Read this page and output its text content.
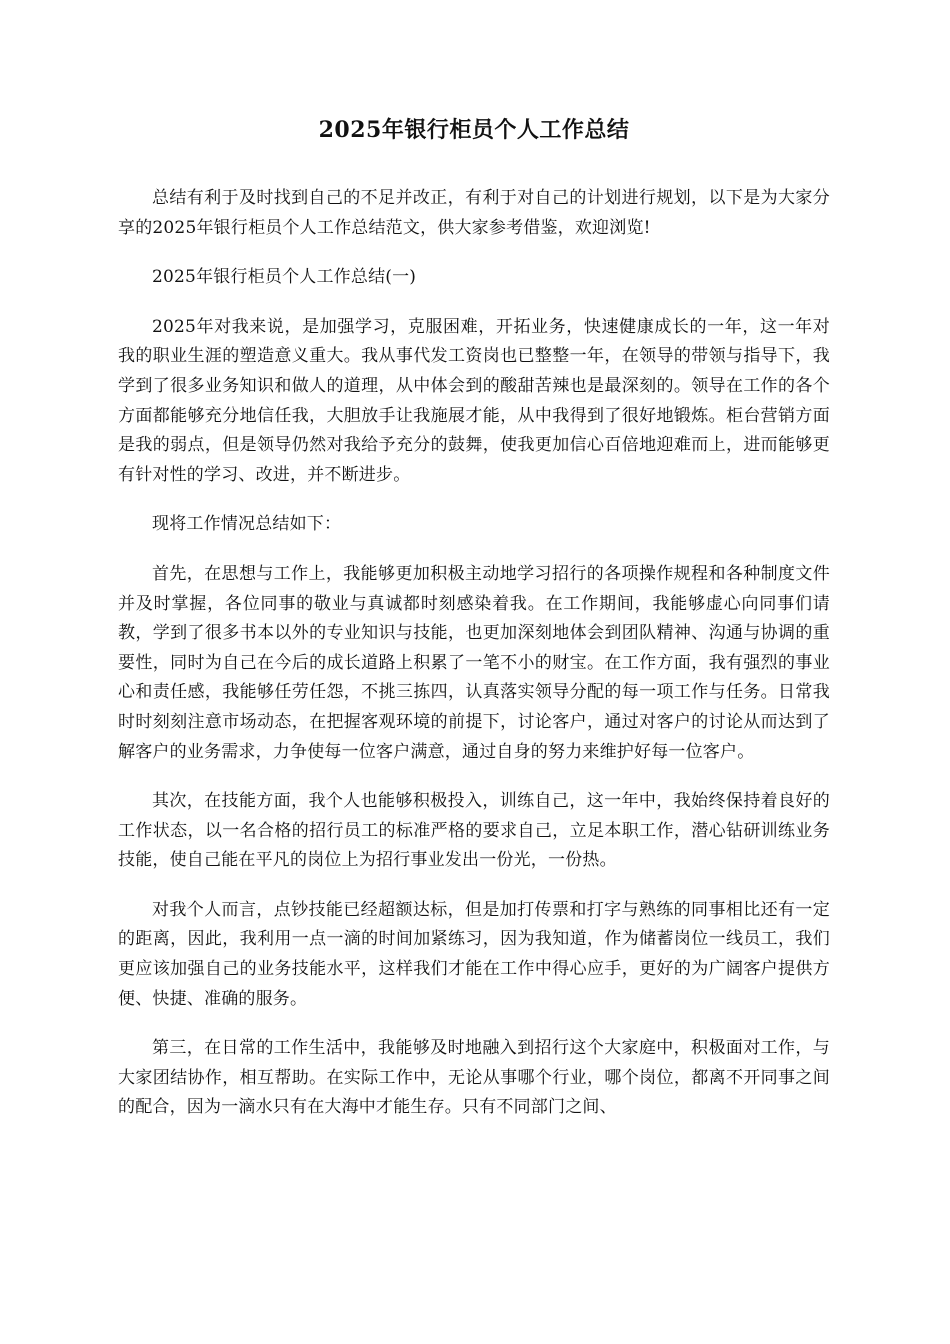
2025年银行柜员个人工作总结

总结有利于及时找到自己的不足并改正，有利于对自己的计划进行规划，以下是为大家分享的2025年银行柜员个人工作总结范文，供大家参考借鉴，欢迎浏览!

2025年银行柜员个人工作总结(一)

2025年对我来说，是加强学习，克服困难，开拓业务，快速健康成长的一年，这一年对我的职业生涯的塑造意义重大。我从事代发工资岗也已整整一年，在领导的带领与指导下，我学到了很多业务知识和做人的道理，从中体会到的酸甜苦辣也是最深刻的。领导在工作的各个方面都能够充分地信任我，大胆放手让我施展才能，从中我得到了很好地锻炼。柜台营销方面是我的弱点，但是领导仍然对我给予充分的鼓舞，使我更加信心百倍地迎难而上，进而能够更有针对性的学习、改进，并不断进步。

现将工作情况总结如下：

首先，在思想与工作上，我能够更加积极主动地学习招行的各项操作规程和各种制度文件并及时掌握，各位同事的敬业与真诚都时刻感染着我。在工作期间，我能够虚心向同事们请教，学到了很多书本以外的专业知识与技能，也更加深刻地体会到团队精神、沟通与协调的重要性，同时为自己在今后的成长道路上积累了一笔不小的财宝。在工作方面，我有强烈的事业心和责任感，我能够任劳任怨，不挑三拣四，认真落实领导分配的每一项工作与任务。日常我时时刻刻注意市场动态，在把握客观环境的前提下，讨论客户，通过对客户的讨论从而达到了解客户的业务需求，力争使每一位客户满意，通过自身的努力来维护好每一位客户。

其次，在技能方面，我个人也能够积极投入，训练自己，这一年中，我始终保持着良好的工作状态，以一名合格的招行员工的标准严格的要求自己，立足本职工作，潜心钻研训练业务技能，使自己能在平凡的岗位上为招行事业发出一份光，一份热。

对我个人而言，点钞技能已经超额达标，但是加打传票和打字与熟练的同事相比还有一定的距离，因此，我利用一点一滴的时间加紧练习，因为我知道，作为储蓄岗位一线员工，我们更应该加强自己的业务技能水平，这样我们才能在工作中得心应手，更好的为广阔客户提供方便、快捷、准确的服务。

第三，在日常的工作生活中，我能够及时地融入到招行这个大家庭中，积极面对工作，与大家团结协作，相互帮助。在实际工作中，无论从事哪个行业，哪个岗位，都离不开同事之间的配合，因为一滴水只有在大海中才能生存。只有不同部门之间、
